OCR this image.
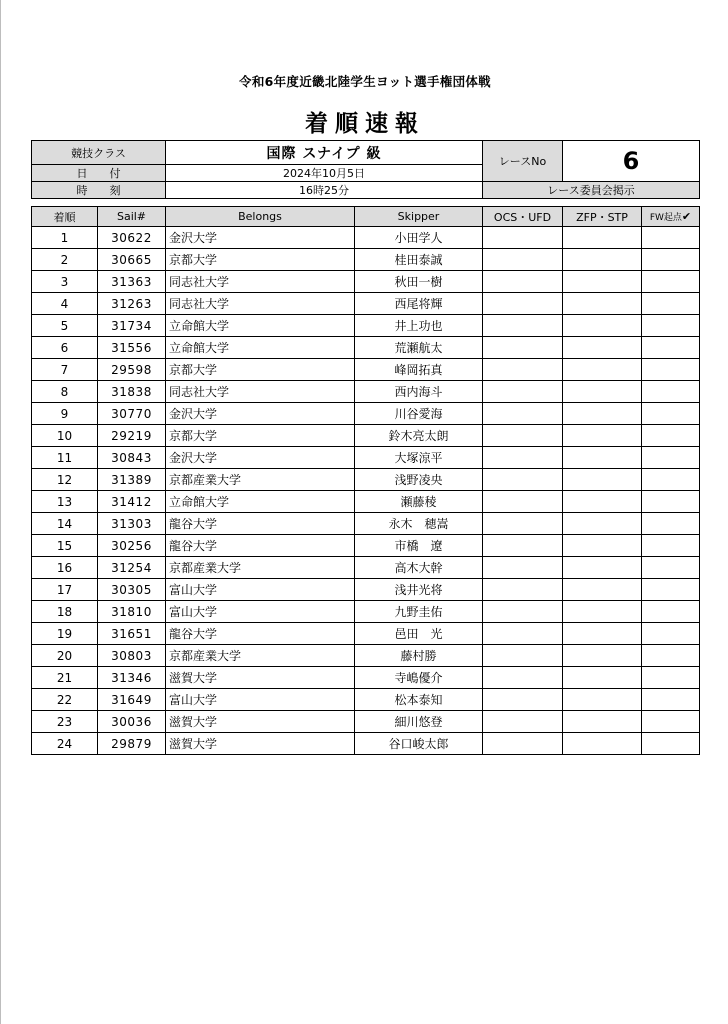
令和6年度近畿北陸学生ヨット選手権団体戦
着順速報
競技クラス	国際 スナイプ 級	レースNo	6
日　　付	2024年10月5日		
時　　刻	16時25分	レース委員会掲示	
着順	Sail#	Belongs	Skipper	OCS・UFD	ZFP・STP	FW起点✔
1	30622	金沢大学	小田学人			
2	30665	京都大学	桂田泰誠			
3	31363	同志社大学	秋田一樹			
4	31263	同志社大学	西尾将輝			
5	31734	立命館大学	井上功也			
6	31556	立命館大学	荒瀬航太			
7	29598	京都大学	峰岡拓真			
8	31838	同志社大学	西内海斗			
9	30770	金沢大学	川谷愛海			
10	29219	京都大学	鈴木亮太朗			
11	30843	金沢大学	大塚涼平			
12	31389	京都産業大学	浅野凌央			
13	31412	立命館大学	瀬藤稜			
14	31303	龍谷大学	永木　穂嵩			
15	30256	龍谷大学	市橋　遼			
16	31254	京都産業大学	高木大幹			
17	30305	富山大学	浅井光将			
18	31810	富山大学	九野圭佑			
19	31651	龍谷大学	邑田　光			
20	30803	京都産業大学	藤村勝			
21	31346	滋賀大学	寺嶋優介			
22	31649	富山大学	松本泰知			
23	30036	滋賀大学	細川悠登			
24	29879	滋賀大学	谷口峻太郎			
